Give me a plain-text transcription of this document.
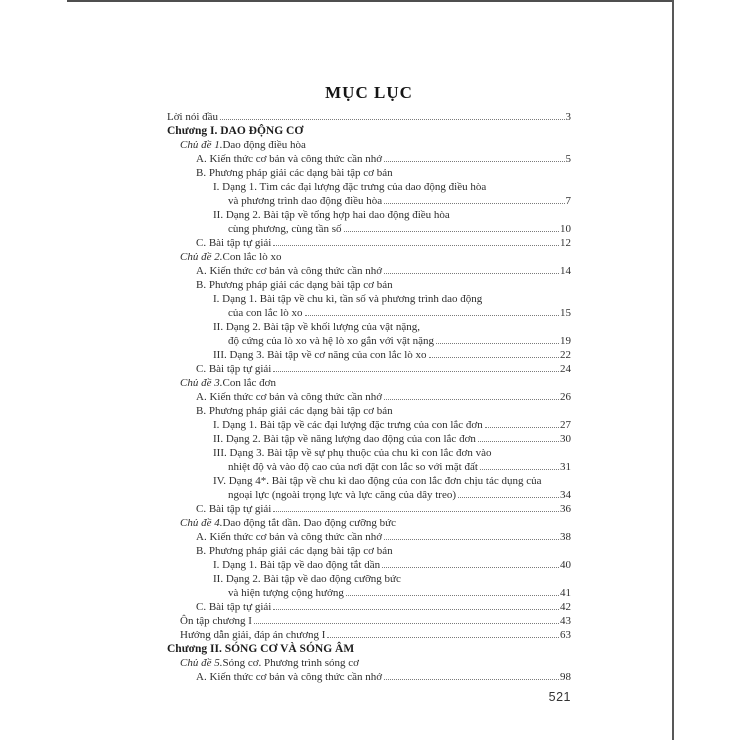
MỤC LỤC
Lời nói đầu	3
Chương I. DAO ĐỘNG CƠ
Chủ đề 1. Dao động điều hòa
A. Kiến thức cơ bản và công thức cần nhớ	5
B. Phương pháp giải các dạng bài tập cơ bản
I. Dạng 1. Tìm các đại lượng đặc trưng của dao động điều hòa
và phương trình dao động điều hòa	7
II. Dạng 2. Bài tập về tổng hợp hai dao động điều hòa
cùng phương, cùng tần số	10
C. Bài tập tự giải	12
Chủ đề 2. Con lắc lò xo
A. Kiến thức cơ bản và công thức cần nhớ	14
B. Phương pháp giải các dạng bài tập cơ bản
I. Dạng 1. Bài tập về chu kì, tần số và phương trình dao động
của con lắc lò xo	15
II. Dạng 2. Bài tập về khối lượng của vật nặng,
độ cứng của lò xo và hệ lò xo gắn với vật nặng	19
III. Dạng 3. Bài tập về cơ năng của con lắc lò xo	22
C. Bài tập tự giải	24
Chủ đề 3. Con lắc đơn
A. Kiến thức cơ bản và công thức cần nhớ	26
B. Phương pháp giải các dạng bài tập cơ bản
I. Dạng 1. Bài tập về các đại lượng đặc trưng của con lắc đơn	27
II. Dạng 2. Bài tập về năng lượng dao động của con lắc đơn	30
III. Dạng 3. Bài tập về sự phụ thuộc của chu kì con lắc đơn vào
nhiệt độ và vào độ cao của nơi đặt con lắc so với mặt đất	31
IV. Dạng 4*. Bài tập về chu kì dao động của con lắc đơn chịu tác dụng của
ngoại lực (ngoài trọng lực và lực căng của dây treo)	34
C. Bài tập tự giải	36
Chủ đề 4. Dao động tắt dần. Dao động cưỡng bức
A. Kiến thức cơ bản và công thức cần nhớ	38
B. Phương pháp giải các dạng bài tập cơ bản
I. Dạng 1. Bài tập về dao động tắt dần	40
II. Dạng 2. Bài tập về dao động cưỡng bức
và hiện tượng cộng hưởng	41
C. Bài tập tự giải	42
Ôn tập chương I	43
Hướng dẫn giải, đáp án chương I	63
Chương II. SÓNG CƠ VÀ SÓNG ÂM
Chủ đề 5. Sóng cơ. Phương trình sóng cơ
A. Kiến thức cơ bản và công thức cần nhớ	98
521
